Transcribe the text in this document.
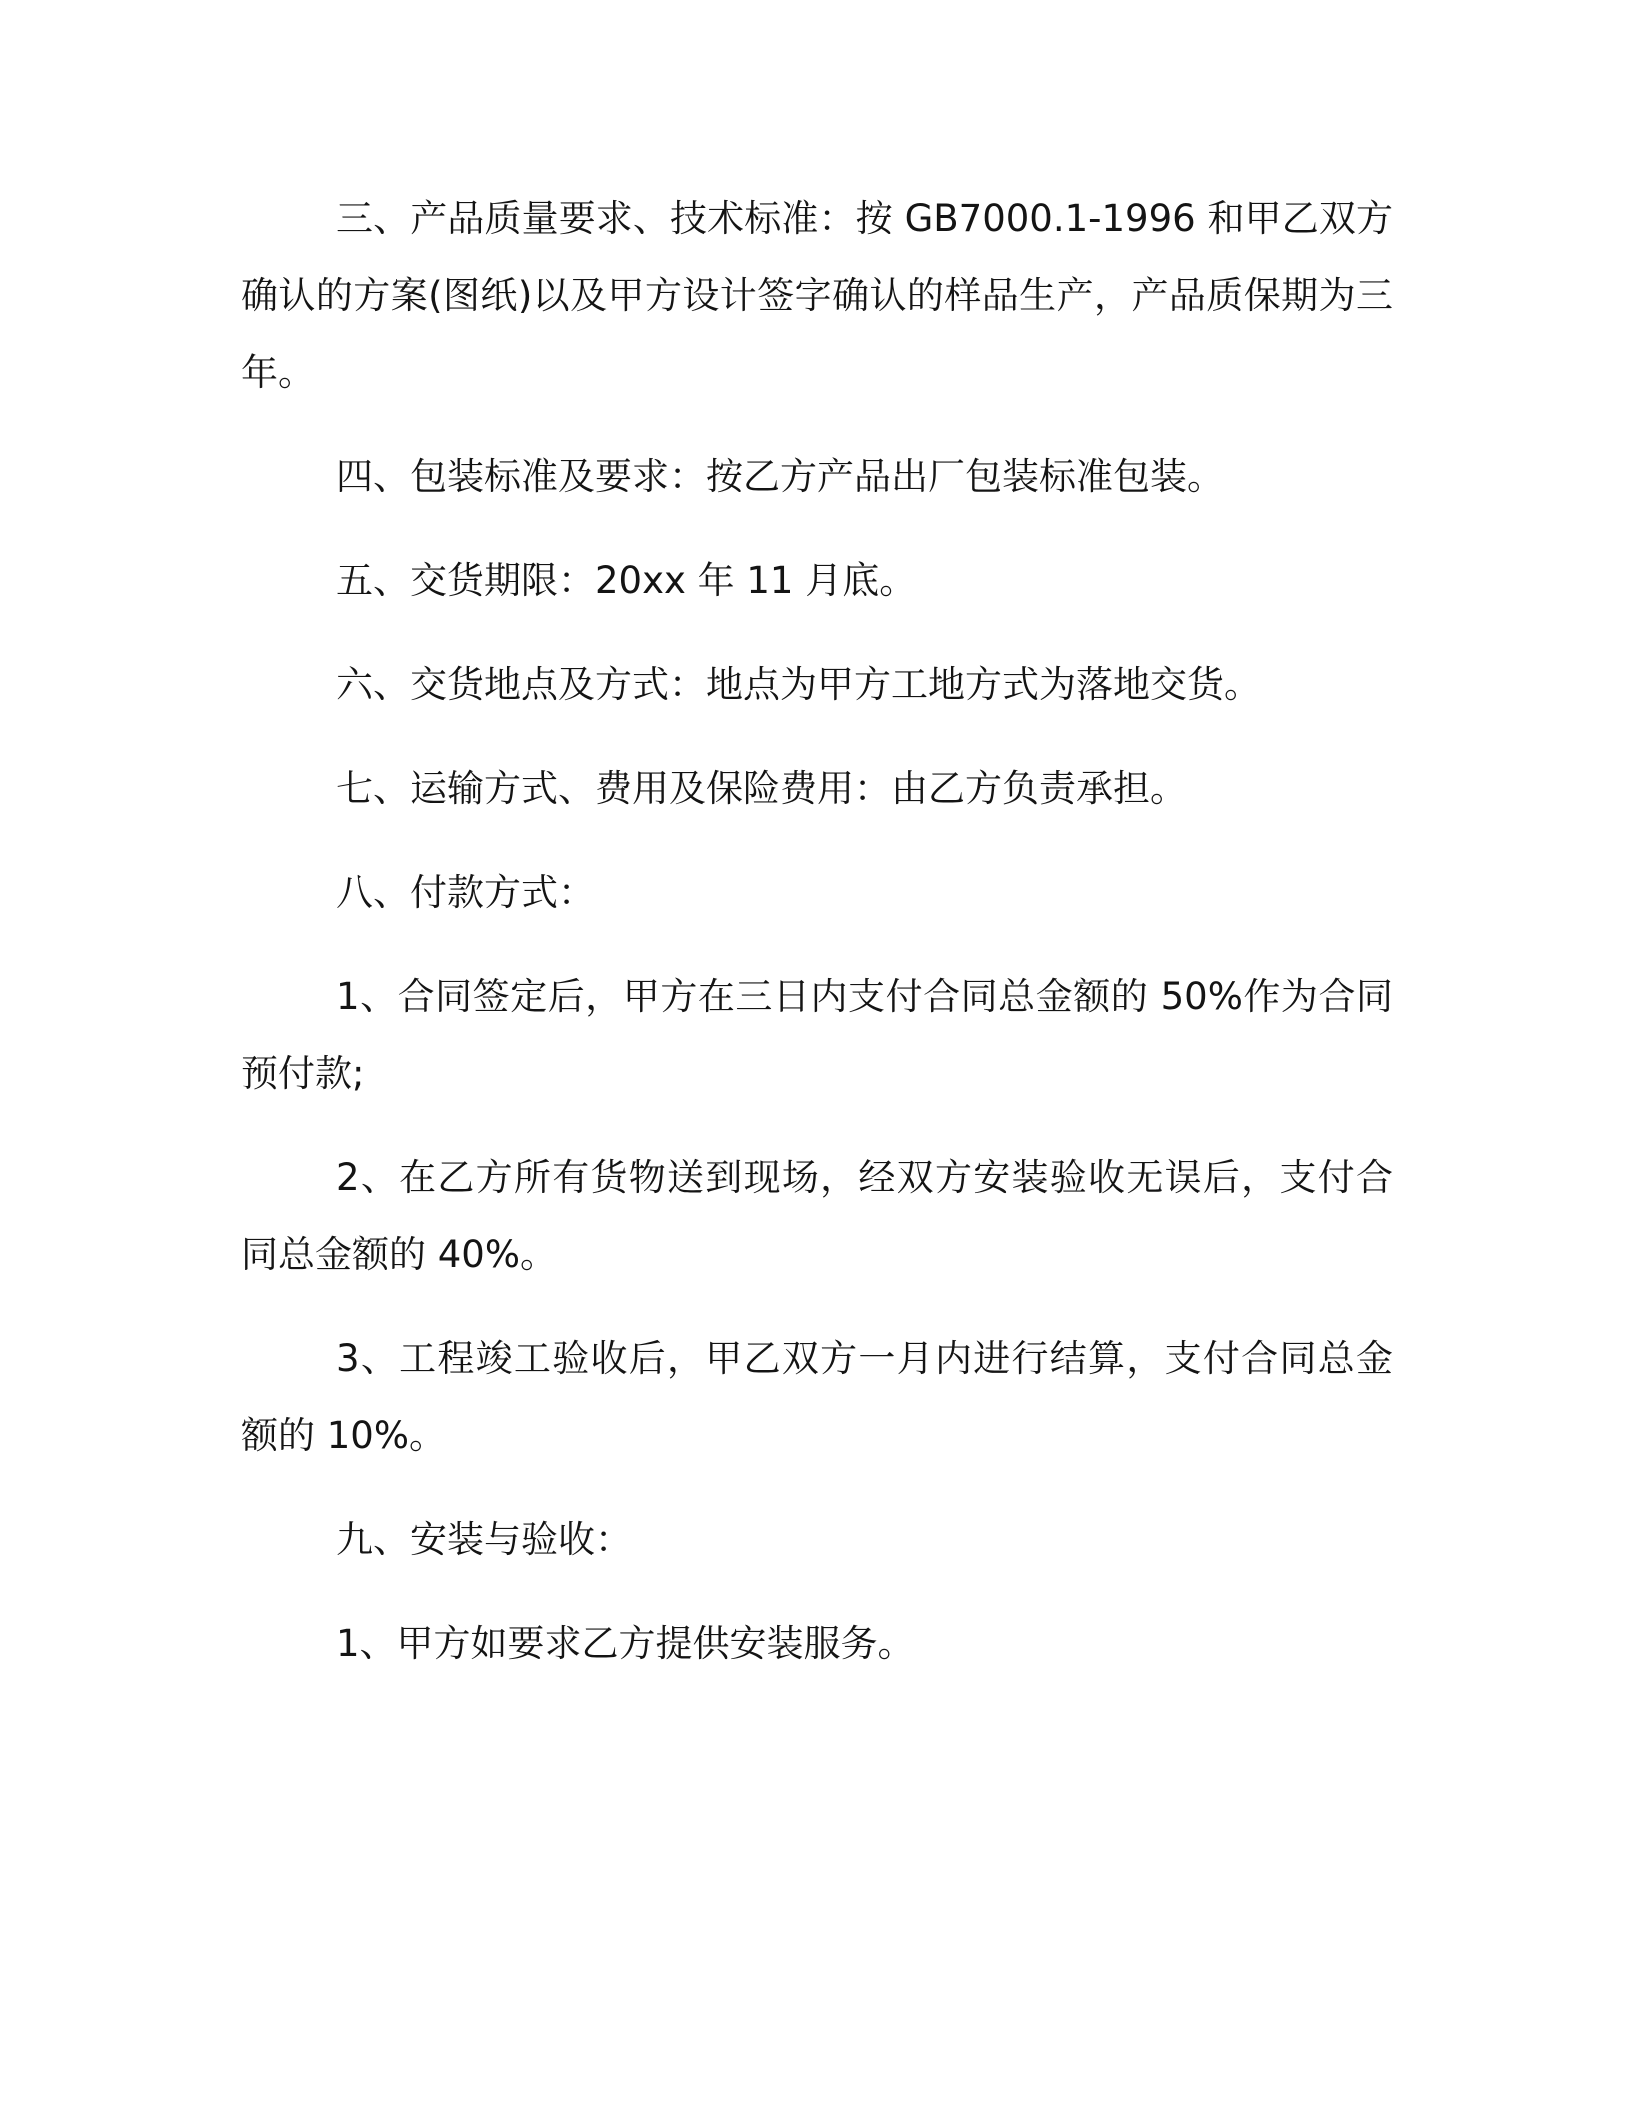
三、产品质量要求、技术标准：按 GB7000.1-1996 和甲乙双方确认的方案(图纸)以及甲方设计签字确认的样品生产，产品质保期为三年。

四、包装标准及要求：按乙方产品出厂包装标准包装。

五、交货期限：20xx 年 11 月底。

六、交货地点及方式：地点为甲方工地方式为落地交货。

七、运输方式、费用及保险费用：由乙方负责承担。

八、付款方式：

1、合同签定后，甲方在三日内支付合同总金额的 50%作为合同预付款;

2、在乙方所有货物送到现场，经双方安装验收无误后，支付合同总金额的 40%。

3、工程竣工验收后，甲乙双方一月内进行结算，支付合同总金额的 10%。

九、安装与验收：

1、甲方如要求乙方提供安装服务。
